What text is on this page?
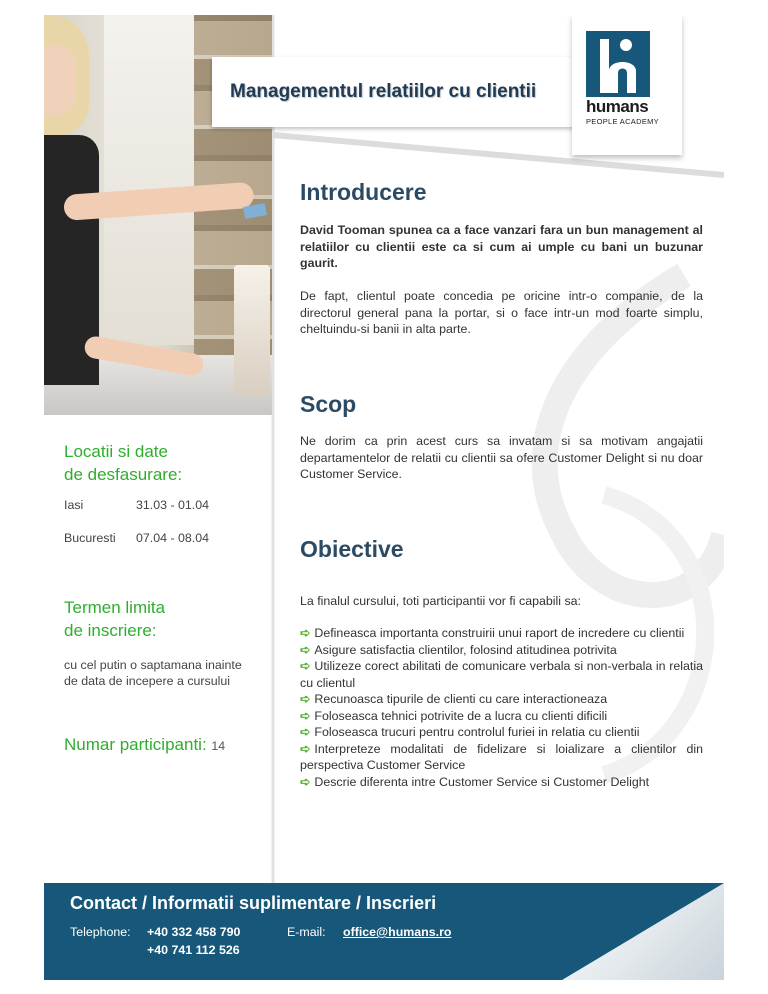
Managementul relatiilor cu clientii
humans
PEOPLE ACADEMY
Introducere
David Tooman spunea ca a face vanzari fara un bun management al relatiilor cu clientii este ca si cum ai umple cu bani un buzunar gaurit.
De fapt, clientul poate concedia pe oricine intr-o companie, de la directorul general pana la portar, si o face intr-un mod foarte simplu, cheltuindu-si banii in alta parte.
Scop
Ne dorim ca prin acest curs sa invatam si sa motivam angajatii departamentelor de relatii cu clientii sa ofere Customer Delight si nu doar Customer Service.
Obiective
La finalul cursului, toti participantii vor fi capabili sa:

➪ Defineasca importanta construirii unui raport de incredere cu clientii

➪ Asigure satisfactia clientilor, folosind atitudinea potrivita

➪ Utilizeze corect abilitati de comunicare verbala si non-verbala in relatia cu clientul

➪ Recunoasca tipurile de clienti cu care interactioneaza

➪ Foloseasca tehnici potrivite de a lucra cu clienti dificili

➪ Foloseasca trucuri pentru controlul furiei in relatia cu clientii

➪ Interpreteze modalitati de fidelizare si loializare a clientilor din perspectiva Customer Service

➪ Descrie diferenta intre Customer Service si Customer Delight

Locatii si date
de desfasurare:
Iasi	31.03 - 01.04
Bucuresti	07.04 - 08.04
Termen limita
de inscriere:
cu cel putin o saptamana inainte
de data de incepere a cursului
Numar participanti: 14
Contact / Informatii suplimentare / Inscrieri
Telephone: +40 332 458 790
+40 741 112 526
E-mail: office@humans.ro
